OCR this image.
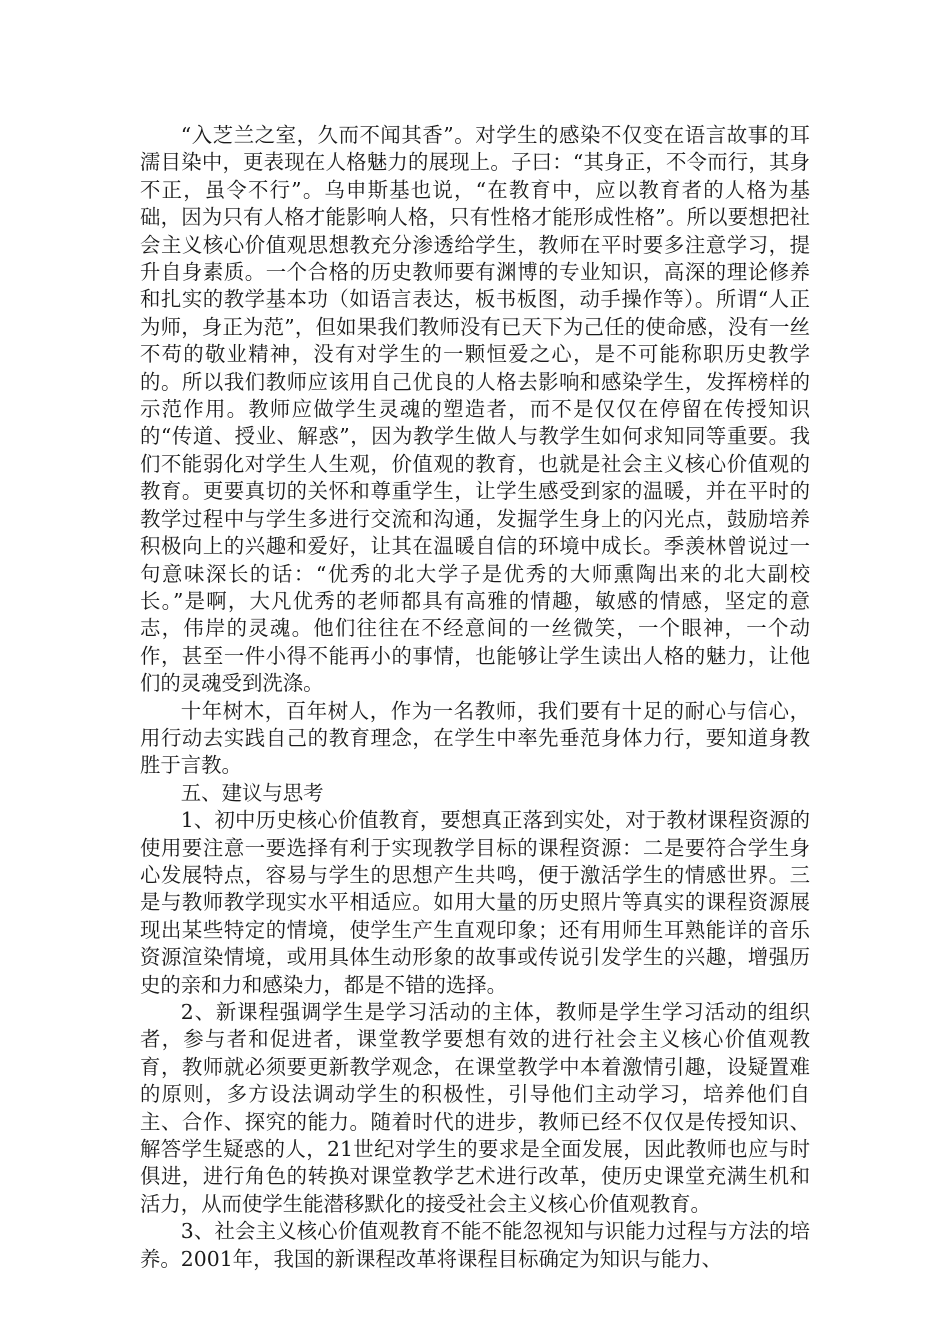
“入芝兰之室，久而不闻其香”。对学生的感染不仅变在语言故事的耳濡目染中，更表现在人格魅力的展现上。子曰：“其身正，不令而行，其身不正，虽令不行”。乌申斯基也说，“在教育中，应以教育者的人格为基础，因为只有人格才能影响人格，只有性格才能形成性格”。所以要想把社会主义核心价值观思想教充分渗透给学生，教师在平时要多注意学习，提升自身素质。一个合格的历史教师要有渊博的专业知识，高深的理论修养和扎实的教学基本功（如语言表达，板书板图，动手操作等）。所谓“人正为师，身正为范”，但如果我们教师没有已天下为己任的使命感，没有一丝不苟的敬业精神，没有对学生的一颗恒爱之心，是不可能称职历史教学的。所以我们教师应该用自己优良的人格去影响和感染学生，发挥榜样的示范作用。教师应做学生灵魂的塑造者，而不是仅仅在停留在传授知识的“传道、授业、解惑”，因为教学生做人与教学生如何求知同等重要。我们不能弱化对学生人生观，价值观的教育，也就是社会主义核心价值观的教育。更要真切的关怀和尊重学生，让学生感受到家的温暖，并在平时的教学过程中与学生多进行交流和沟通，发掘学生身上的闪光点，鼓励培养积极向上的兴趣和爱好，让其在温暖自信的环境中成长。季羡林曾说过一句意味深长的话：“优秀的北大学子是优秀的大师熏陶出来的北大副校长。”是啊，大凡优秀的老师都具有高雅的情趣，敏感的情感，坚定的意志，伟岸的灵魂。他们往往在不经意间的一丝微笑，一个眼神，一个动作，甚至一件小得不能再小的事情，也能够让学生读出人格的魅力，让他们的灵魂受到洗涤。

十年树木，百年树人，作为一名教师，我们要有十足的耐心与信心，用行动去实践自己的教育理念，在学生中率先垂范身体力行，要知道身教胜于言教。

五、建议与思考

1、初中历史核心价值教育，要想真正落到实处，对于教材课程资源的使用要注意一要选择有利于实现教学目标的课程资源：二是要符合学生身心发展特点，容易与学生的思想产生共鸣，便于激活学生的情感世界。三是与教师教学现实水平相适应。如用大量的历史照片等真实的课程资源展现出某些特定的情境，使学生产生直观印象；还有用师生耳熟能详的音乐资源渲染情境，或用具体生动形象的故事或传说引发学生的兴趣，增强历史的亲和力和感染力，都是不错的选择。

2、新课程强调学生是学习活动的主体，教师是学生学习活动的组织者，参与者和促进者，课堂教学要想有效的进行社会主义核心价值观教育，教师就必须要更新教学观念，在课堂教学中本着激情引趣，设疑置难的原则，多方设法调动学生的积极性，引导他们主动学习，培养他们自主、合作、探究的能力。随着时代的进步，教师已经不仅仅是传授知识、解答学生疑惑的人，21世纪对学生的要求是全面发展，因此教师也应与时俱进，进行角色的转换对课堂教学艺术进行改革，使历史课堂充满生机和活力，从而使学生能潜移默化的接受社会主义核心价值观教育。

3、社会主义核心价值观教育不能不能忽视知与识能力过程与方法的培养。2001年，我国的新课程改革将课程目标确定为知识与能力、
